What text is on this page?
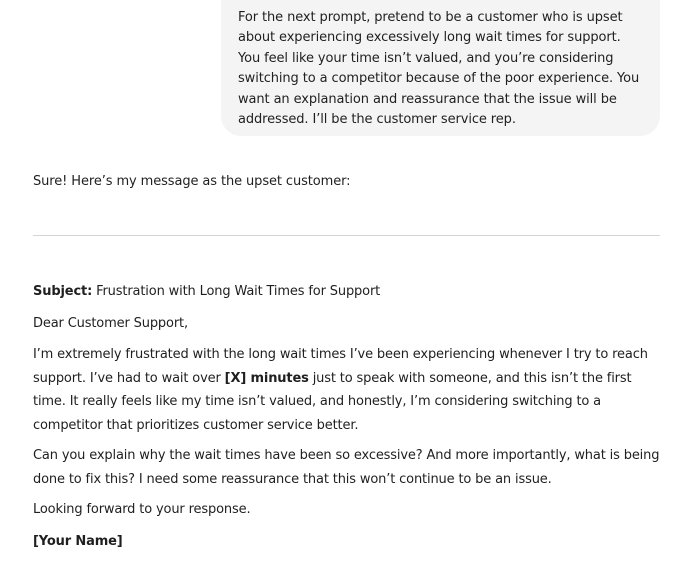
For the next prompt, pretend to be a customer who is upset about experiencing excessively long wait times for support. You feel like your time isn’t valued, and you’re considering switching to a competitor because of the poor experience. You want an explanation and reassurance that the issue will be addressed. I’ll be the customer service rep.
Sure! Here’s my message as the upset customer:

Subject: Frustration with Long Wait Times for Support

Dear Customer Support,

I’m extremely frustrated with the long wait times I’ve been experiencing whenever I try to reach support. I’ve had to wait over [X] minutes just to speak with someone, and this isn’t the first time. It really feels like my time isn’t valued, and honestly, I’m considering switching to a competitor that prioritizes customer service better.

Can you explain why the wait times have been so excessive? And more importantly, what is being done to fix this? I need some reassurance that this won’t continue to be an issue.

Looking forward to your response.

[Your Name]
